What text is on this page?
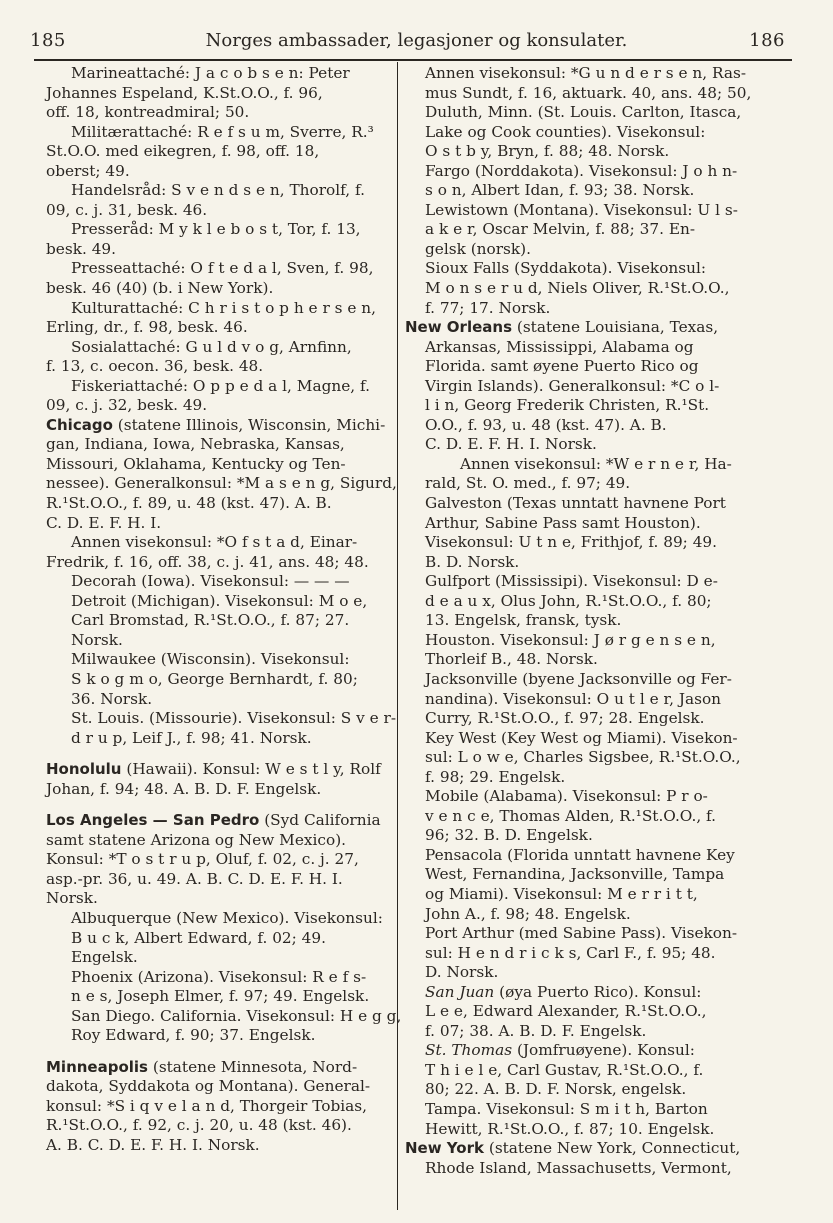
185	Norges ambassader, legasjoner og konsulater.	186
Marineattaché: J a c o b s e n: Peter
Johannes Espeland, K.St.O.O., f. 96,
off. 18, kontreadmiral; 50.
Militærattaché: R e f s u m, Sverre, R.³
St.O.O. med eikegren, f. 98, off. 18,
oberst; 49.
Handelsråd: S v e n d s e n, Thorolf, f.
09, c. j. 31, besk. 46.
Presseråd: M y k l e b o s t, Tor, f. 13,
besk. 49.
Presseattaché: O f t e d a l, Sven, f. 98,
besk. 46 (40) (b. i New York).
Kulturattaché: C h r i s t o p h e r s e n,
Erling, dr., f. 98, besk. 46.
Sosialattaché: G u l d v o g, Arnfinn,
f. 13, c. oecon. 36, besk. 48.
Fiskeriattaché: O p p e d a l, Magne, f.
09, c. j. 32, besk. 49.
Chicago (statene Illinois, Wisconsin, Michi-
gan, Indiana, Iowa, Nebraska, Kansas,
Missouri, Oklahama, Kentucky og Ten-
nessee). Generalkonsul: *M a s e n g, Sigurd,
R.¹St.O.O., f. 89, u. 48 (kst. 47). A. B.
C. D. E. F. H. I.
Annen visekonsul: *O f s t a d, Einar-
Fredrik, f. 16, off. 38, c. j. 41, ans. 48; 48.
Decorah (Iowa). Visekonsul: — — —
Detroit (Michigan). Visekonsul: M o e,
Carl Bromstad, R.¹St.O.O., f. 87; 27.
Norsk.
Milwaukee (Wisconsin). Visekonsul:
S k o g m o, George Bernhardt, f. 80;
36. Norsk.
St. Louis. (Missourie). Visekonsul: S v e r-
d r u p, Leif J., f. 98; 41. Norsk.
Honolulu (Hawaii). Konsul: W e s t l y, Rolf
Johan, f. 94; 48. A. B. D. F. Engelsk.
Los Angeles — San Pedro (Syd California
samt statene Arizona og New Mexico).
Konsul: *T o s t r u p, Oluf, f. 02, c. j. 27,
asp.-pr. 36, u. 49. A. B. C. D. E. F. H. I.
Norsk.
Albuquerque (New Mexico). Visekonsul:
B u c k, Albert Edward, f. 02; 49.
Engelsk.
Phoenix (Arizona). Visekonsul: R e f s-
n e s, Joseph Elmer, f. 97; 49. Engelsk.
San Diego. California. Visekonsul: H e g g,
Roy Edward, f. 90; 37. Engelsk.
Minneapolis (statene Minnesota, Nord-
dakota, Syddakota og Montana). General-
konsul: *S i q v e l a n d, Thorgeir Tobias,
R.¹St.O.O., f. 92, c. j. 20, u. 48 (kst. 46).
A. B. C. D. E. F. H. I. Norsk.
Annen visekonsul: *G u n d e r s e n, Ras-
mus Sundt, f. 16, aktuark. 40, ans. 48; 50,
Duluth, Minn. (St. Louis. Carlton, Itasca,
Lake og Cook counties). Visekonsul:
O s t b y, Bryn, f. 88; 48. Norsk.
Fargo (Norddakota). Visekonsul: J o h n-
s o n, Albert Idan, f. 93; 38. Norsk.
Lewistown (Montana). Visekonsul: U l s-
a k e r, Oscar Melvin, f. 88; 37. En-
gelsk (norsk).
Sioux Falls (Syddakota). Visekonsul:
M o n s e r u d, Niels Oliver, R.¹St.O.O.,
f. 77; 17. Norsk.
New Orleans (statene Louisiana, Texas,
Arkansas, Mississippi, Alabama og
Florida. samt øyene Puerto Rico og
Virgin Islands). Generalkonsul: *C o l-
l i n, Georg Frederik Christen, R.¹St.
O.O., f. 93, u. 48 (kst. 47). A. B.
C. D. E. F. H. I. Norsk.
Annen visekonsul: *W e r n e r, Ha-
rald, St. O. med., f. 97; 49.
Galveston (Texas unntatt havnene Port
Arthur, Sabine Pass samt Houston).
Visekonsul: U t n e, Frithjof, f. 89; 49.
B. D. Norsk.
Gulfport (Mississipi). Visekonsul: D e-
d e a u x, Olus John, R.¹St.O.O., f. 80;
13. Engelsk, fransk, tysk.
Houston. Visekonsul: J ø r g e n s e n,
Thorleif B., 48. Norsk.
Jacksonville (byene Jacksonville og Fer-
nandina). Visekonsul: O u t l e r, Jason
Curry, R.¹St.O.O., f. 97; 28. Engelsk.
Key West (Key West og Miami). Visekon-
sul: L o w e, Charles Sigsbee, R.¹St.O.O.,
f. 98; 29. Engelsk.
Mobile (Alabama). Visekonsul: P r o-
v e n c e, Thomas Alden, R.¹St.O.O., f.
96; 32. B. D. Engelsk.
Pensacola (Florida unntatt havnene Key
West, Fernandina, Jacksonville, Tampa
og Miami). Visekonsul: M e r r i t t,
John A., f. 98; 48. Engelsk.
Port Arthur (med Sabine Pass). Visekon-
sul: H e n d r i c k s, Carl F., f. 95; 48.
D. Norsk.
San Juan (øya Puerto Rico). Konsul:
L e e, Edward Alexander, R.¹St.O.O.,
f. 07; 38. A. B. D. F. Engelsk.
St. Thomas (Jomfruøyene). Konsul:
T h i e l e, Carl Gustav, R.¹St.O.O., f.
80; 22. A. B. D. F. Norsk, engelsk.
Tampa. Visekonsul: S m i t h, Barton
Hewitt, R.¹St.O.O., f. 87; 10. Engelsk.
New York (statene New York, Connecticut,
Rhode Island, Massachusetts, Vermont,
